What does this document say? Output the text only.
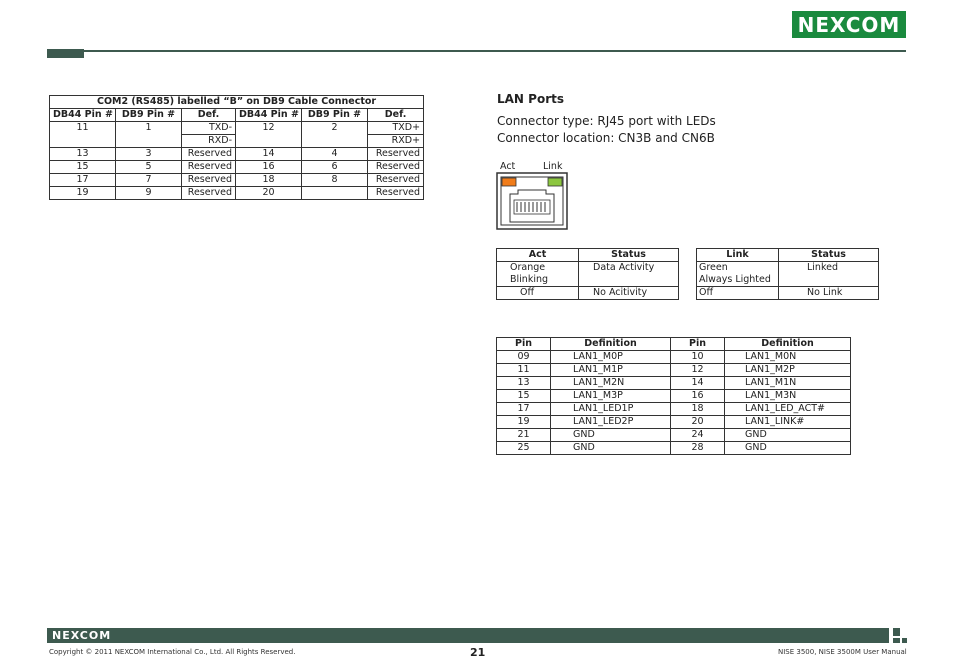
NEXCOM
COM2 (RS485) labelled “B” on DB9 Cable Connector					
DB44 Pin #	DB9 Pin #	Def.	DB44 Pin #	DB9 Pin #	Def.
11	1	TXD-	12	2	TXD+
		RXD-			RXD+
13	3	Reserved	14	4	Reserved
15	5	Reserved	16	6	Reserved
17	7	Reserved	18	8	Reserved
19	9	Reserved	20		Reserved
LAN Ports
Connector type: RJ45 port with LEDs
Connector location: CN3B and CN6B
Act	Link
Act	Status
Orange	Data Activity
Blinking	
Off	No Acitivity
Link	Status
Green	Linked
Always Lighted	
Off	No Link
Pin	Definition	Pin	Definition
09	LAN1_M0P	10	LAN1_M0N
11	LAN1_M1P	12	LAN1_M2P
13	LAN1_M2N	14	LAN1_M1N
15	LAN1_M3P	16	LAN1_M3N
17	LAN1_LED1P	18	LAN1_LED_ACT#
19	LAN1_LED2P	20	LAN1_LINK#
21	GND	24	GND
25	GND	28	GND
NEXCOM
Copyright © 2011 NEXCOM International Co., Ltd. All Rights Reserved.	21	NISE 3500, NISE 3500M User Manual
